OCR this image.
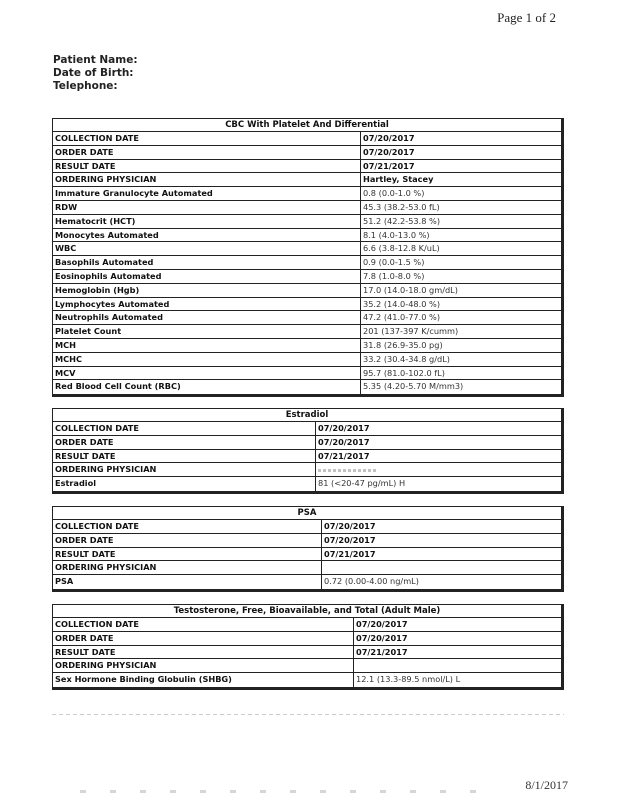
Page 1 of 2
Patient Name:
Date of Birth:
Telephone:
CBC With Platelet And Differential
COLLECTION DATE	07/20/2017
ORDER DATE	07/20/2017
RESULT DATE	07/21/2017
ORDERING PHYSICIAN	Hartley, Stacey
Immature Granulocyte Automated	0.8 (0.0-1.0 %)
RDW	45.3 (38.2-53.0 fL)
Hematocrit (HCT)	51.2 (42.2-53.8 %)
Monocytes Automated	8.1 (4.0-13.0 %)
WBC	6.6 (3.8-12.8 K/uL)
Basophils Automated	0.9 (0.0-1.5 %)
Eosinophils Automated	7.8 (1.0-8.0 %)
Hemoglobin (Hgb)	17.0 (14.0-18.0 gm/dL)
Lymphocytes Automated	35.2 (14.0-48.0 %)
Neutrophils Automated	47.2 (41.0-77.0 %)
Platelet Count	201 (137-397 K/cumm)
MCH	31.8 (26.9-35.0 pg)
MCHC	33.2 (30.4-34.8 g/dL)
MCV	95.7 (81.0-102.0 fL)
Red Blood Cell Count (RBC)	5.35 (4.20-5.70 M/mm3)
Estradiol
COLLECTION DATE	07/20/2017
ORDER DATE	07/20/2017
RESULT DATE	07/21/2017
ORDERING PHYSICIAN
Estradiol	81 (<20-47 pg/mL) H
PSA
COLLECTION DATE	07/20/2017
ORDER DATE	07/20/2017
RESULT DATE	07/21/2017
ORDERING PHYSICIAN
PSA	0.72 (0.00-4.00 ng/mL)
Testosterone, Free, Bioavailable, and Total (Adult Male)
COLLECTION DATE	07/20/2017
ORDER DATE	07/20/2017
RESULT DATE	07/21/2017
ORDERING PHYSICIAN
Sex Hormone Binding Globulin (SHBG)	12.1 (13.3-89.5 nmol/L) L
8/1/2017
